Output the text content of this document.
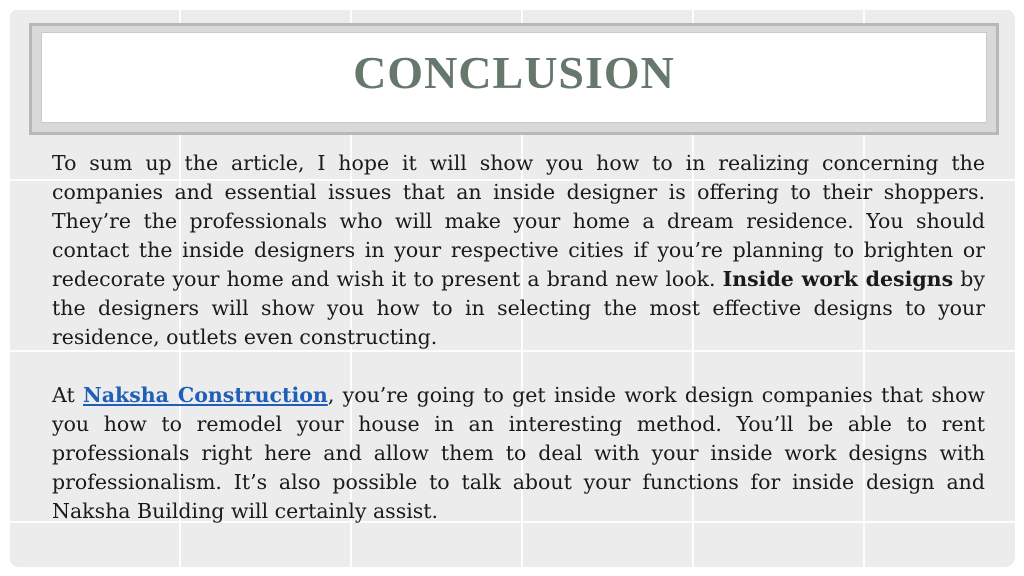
CONCLUSION

To sum up the article, I hope it will show you how to in realizing concerning the companies and essential issues that an inside designer is offering to their shoppers. They’re the professionals who will make your home a dream residence. You should contact the inside designers in your respective cities if you’re planning to brighten or redecorate your home and wish it to present a brand new look. Inside work designs by the designers will show you how to in selecting the most effective designs to your residence, outlets even constructing.

At Naksha Construction, you’re going to get inside work design companies that show you how to remodel your house in an interesting method. You’ll be able to rent professionals right here and allow them to deal with your inside work designs with professionalism. It’s also possible to talk about your functions for inside design and Naksha Building will certainly assist.
